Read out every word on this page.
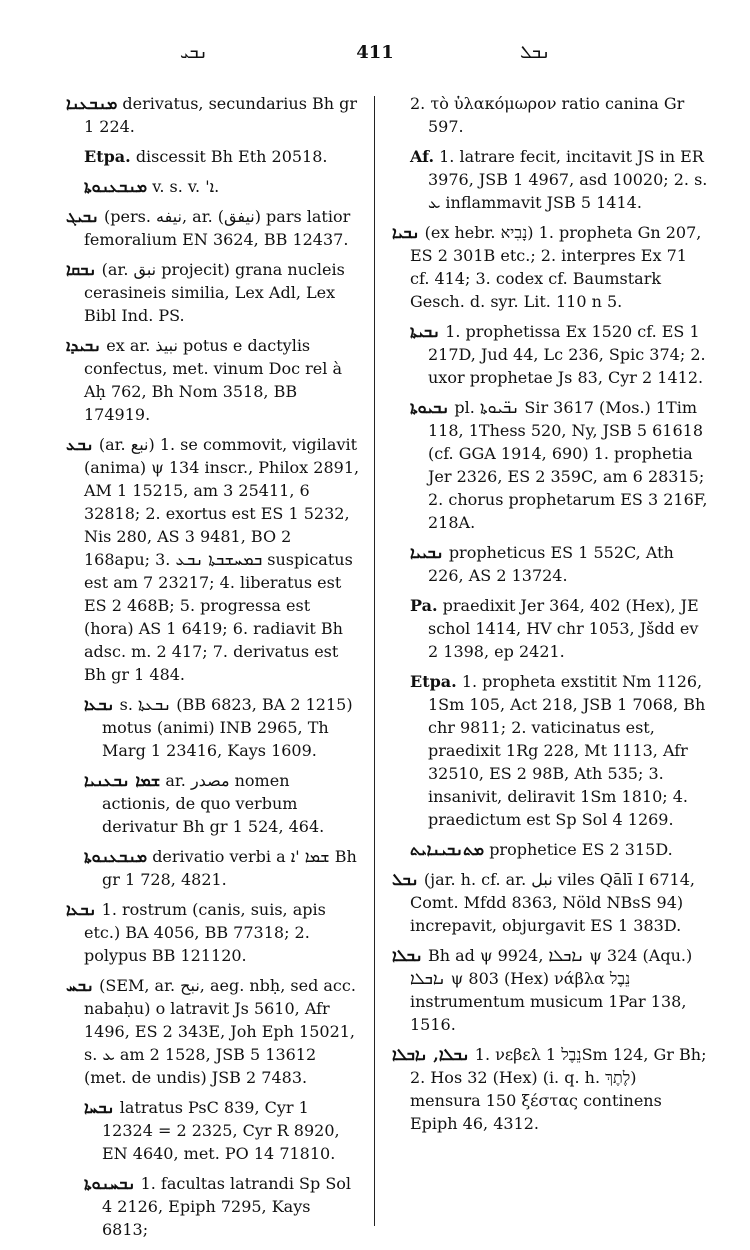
ܢܒܝ	411	ܢܒܠ
ܡܢܒܥܢܐ derivatus, secundarius Bh gr 1 224.
Etpa. discessit Bh Eth 20518.
ܡܢܒܥܢܘܬܐ v. s. v. 'ܐ.
ܢܒܝܓ (pers. نیفه, ar. (نيفق) pars latior femoralium EN 3624, BB 12437.
ܢܒܩܐ (ar. نبق projecit) grana nucleis cerasineis similia, Lex Adl, Lex Bibl Ind. PS.
ܢܒܝܕܐ ex ar. نبيذ potus e dactylis confectus, met. vinum Doc rel à Aḥ 762, Bh Nom 3518, BB 174919.
ܢܒܥ (ar. نبع) 1. se commovit, vigilavit (anima) ψ 134 inscr., Philox 2891, AM 1 15215, am 3 25411, 6 32818; 2. exortus est ES 1 5232, Nis 280, AS 3 9481, BO 2 168apu; 3. ܒܡܚܫܒܬܐ ܢܒܥ suspicatus est am 7 23217; 4. liberatus est ES 2 468B; 5. progressa est (hora) AS 1 6419; 6. radiavit Bh adsc. m. 2 417; 7. derivatus est Bh gr 1 484.
ܢܒܥܐ s. ܢܒܥܬܐ (BB 6823, BA 2 1215) motus (animi) INB 2965, Th Marg 1 23416, Kays 1609.
ܫܡܐ ܢܒܥܢܝܐ ar. مصدر nomen actionis, de quo verbum derivatur Bh gr 1 524, 464.
ܡܢܒܥܢܘܬܐ derivatio verbi a ܫܡܐ 'ܐ Bh gr 1 728, 4821.
ܢܒܥܐ 1. rostrum (canis, suis, apis etc.) BA 4056, BB 77318; 2. polypus BB 121120.
ܢܒܚ (SEM, ar. نبح, aeg. nbḥ, sed acc. nabaḥu) o latravit Js 5610, Afr 1496, ES 2 343E, Joh Eph 15021, s. ܥ am 2 1528, JSB 5 13612 (met. de undis) JSB 2 7483.
ܢܒܚܐ latratus PsC 839, Cyr 1 12324 = 2 2325, Cyr R 8920, EN 4640, met. PO 14 71810.
ܢܒܚܢܘܬܐ 1. facultas latrandi Sp Sol 4 2126, Epiph 7295, Kays 6813;
2. τὸ ὑλακόμωρον ratio canina Gr 597.
Af. 1. latrare fecit, incitavit JS in ER 3976, JSB 1 4967, asd 10020; 2. s. ܥ inflammavit JSB 5 1414.
ܢܒܝܐ (ex hebr. נָבִיא) 1. propheta Gn 207, ES 2 301B etc.; 2. interpres Ex 71 cf. 414; 3. codex cf. Baumstark Gesch. d. syr. Lit. 110 n 5.
ܢܒܝܬܐ 1. prophetissa Ex 1520 cf. ES 1 217D, Jud 44, Lc 236, Spic 374; 2. uxor prophetae Js 83, Cyr 2 1412.
ܢܒܝܘܬܐ pl. ܢܒ̈ܝܘܬܐ Sir 3617 (Mos.) 1Tim 118, 1Thess 520, Ny, JSB 5 61618 (cf. GGA 1914, 690) 1. prophetia Jer 2326, ES 2 359C, am 6 28315; 2. chorus prophetarum ES 3 216F, 218A.
ܢܒܝܝܐ propheticus ES 1 552C, Ath 226, AS 2 13724.
Pa. praedixit Jer 364, 402 (Hex), JE schol 1414, HV chr 1053, Jšdd ev 2 1398, ep 2421.
Etpa. 1. propheta exstitit Nm 1126, 1Sm 105, Act 218, JSB 1 7068, Bh chr 9811; 2. vaticinatus est, praedixit 1Rg 228, Mt 1113, Afr 32510, ES 2 98B, Ath 535; 3. insanivit, deliravit 1Sm 1810; 4. praedictum est Sp Sol 4 1269.
ܡܬܢܒܝܢܐܝܬ prophetice ES 2 315D.
ܢܒܠ (jar. h. cf. ar. نبل viles Qālī I 6714, Comt. Mfdd 8363, Nöld NBsS 94) increpavit, objurgavit ES 1 383D.
ܢܒܠܐ Bh ad ψ 9924, ܢܐܒܠܐ ψ 324 (Aqu.) ܢܐܒܠܐ ψ 803 (Hex) νάβλα נֵבֶל instrumentum musicum 1Par 138, 1516.
ܢܒܠܐ, ܢܐܒܠܐ 1. νεβελ נֵבֶל 1Sm 124, Gr Bh; 2. Hos 32 (Hex) (i. q. h. לֶתֶךְ) mensura 150 ξέστας continens Epiph 46, 4312.
